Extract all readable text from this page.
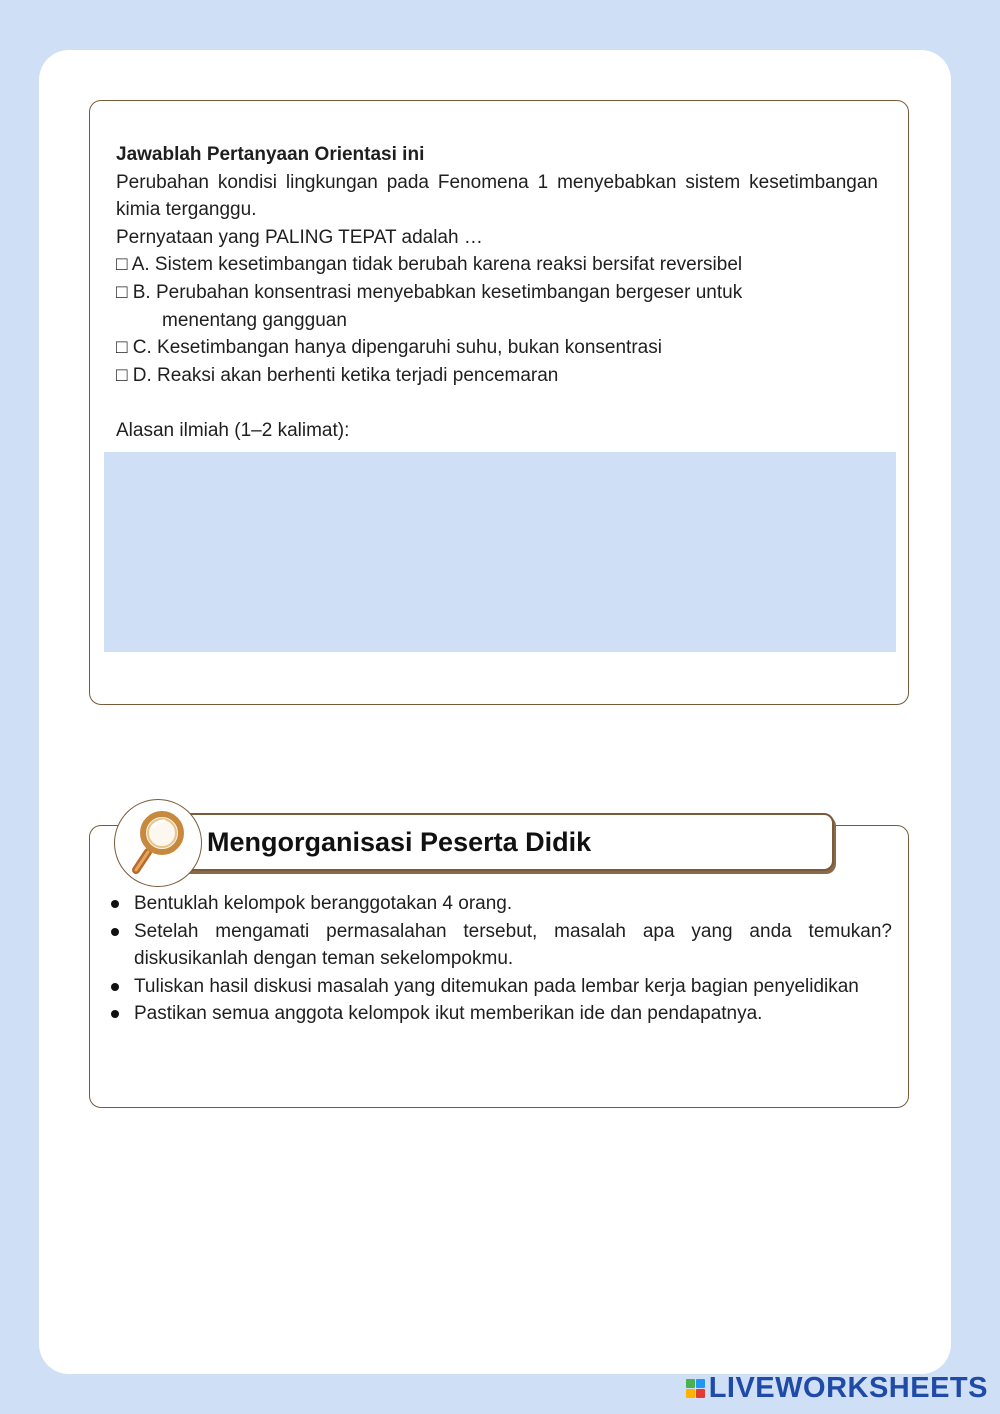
Jawablah Pertanyaan Orientasi ini
Perubahan kondisi lingkungan pada Fenomena 1 menyebabkan sistem kesetimbangan kimia terganggu.
Pernyataan yang PALING TEPAT adalah …
□ A. Sistem kesetimbangan tidak berubah karena reaksi bersifat reversibel
□ B. Perubahan konsentrasi menyebabkan kesetimbangan bergeser untuk
menentang gangguan
□ C. Kesetimbangan hanya dipengaruhi suhu, bukan konsentrasi
□ D. Reaksi akan berhenti ketika terjadi pencemaran
Alasan ilmiah (1–2 kalimat):
Mengorganisasi Peserta Didik
Bentuklah kelompok beranggotakan 4 orang.
Setelah mengamati permasalahan tersebut, masalah apa yang anda temukan? diskusikanlah dengan teman sekelompokmu.
Tuliskan hasil diskusi masalah yang ditemukan pada lembar kerja bagian penyelidikan
Pastikan semua anggota kelompok ikut memberikan ide dan pendapatnya.
LIVEWORKSHEETS
